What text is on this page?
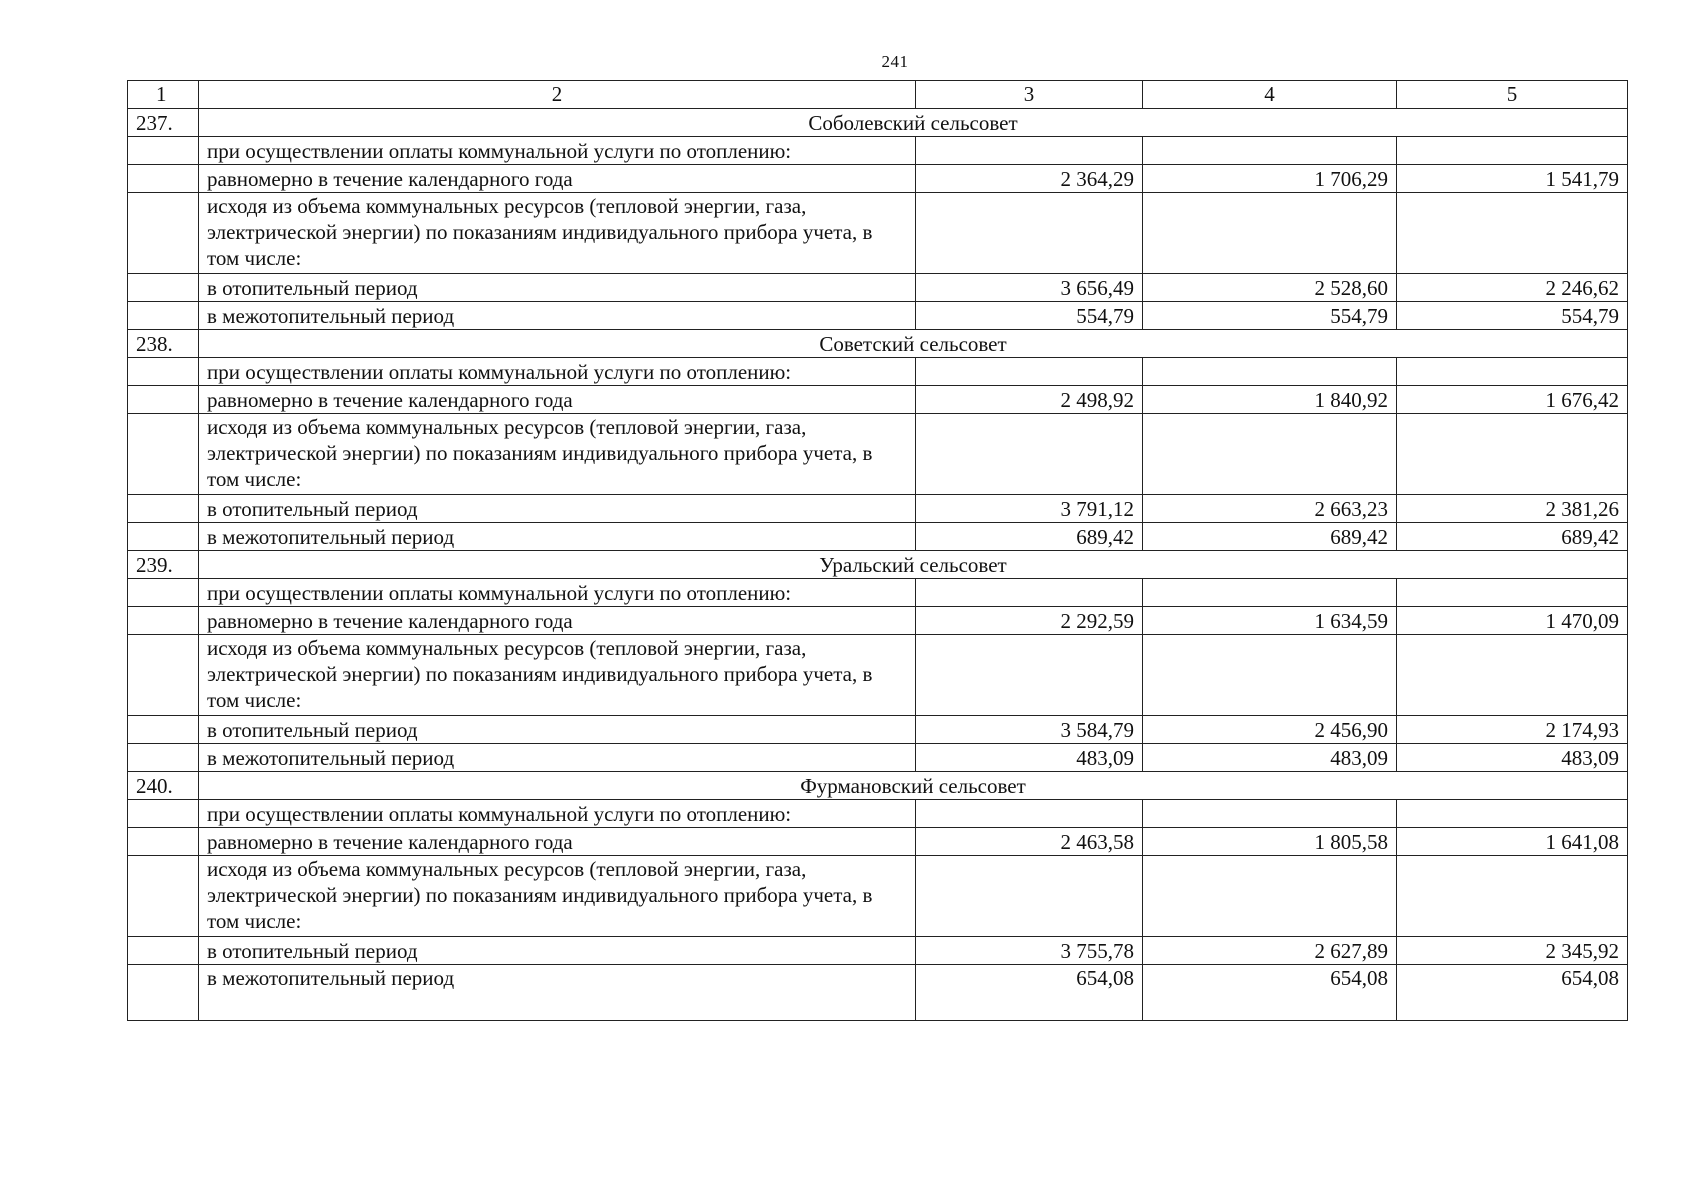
241
1	2	3	4	5
237.	Соболевский сельсовет			
	при осуществлении оплаты коммунальной услуги по отоплению:			
	равномерно в течение календарного года	2 364,29	1 706,29	1 541,79
	исходя из объема коммунальных ресурсов (тепловой энергии, газа, электрической энергии) по показаниям индивидуального прибора учета, в том числе:			
	в отопительный период	3 656,49	2 528,60	2 246,62
	в межотопительный период	554,79	554,79	554,79
238.	Советский сельсовет			
	при осуществлении оплаты коммунальной услуги по отоплению:			
	равномерно в течение календарного года	2 498,92	1 840,92	1 676,42
	исходя из объема коммунальных ресурсов (тепловой энергии, газа, электрической энергии) по показаниям индивидуального прибора учета, в том числе:			
	в отопительный период	3 791,12	2 663,23	2 381,26
	в межотопительный период	689,42	689,42	689,42
239.	Уральский сельсовет			
	при осуществлении оплаты коммунальной услуги по отоплению:			
	равномерно в течение календарного года	2 292,59	1 634,59	1 470,09
	исходя из объема коммунальных ресурсов (тепловой энергии, газа, электрической энергии) по показаниям индивидуального прибора учета, в том числе:			
	в отопительный период	3 584,79	2 456,90	2 174,93
	в межотопительный период	483,09	483,09	483,09
240.	Фурмановский сельсовет			
	при осуществлении оплаты коммунальной услуги по отоплению:			
	равномерно в течение календарного года	2 463,58	1 805,58	1 641,08
	исходя из объема коммунальных ресурсов (тепловой энергии, газа, электрической энергии) по показаниям индивидуального прибора учета, в том числе:			
	в отопительный период	3 755,78	2 627,89	2 345,92
	в межотопительный период	654,08	654,08	654,08
